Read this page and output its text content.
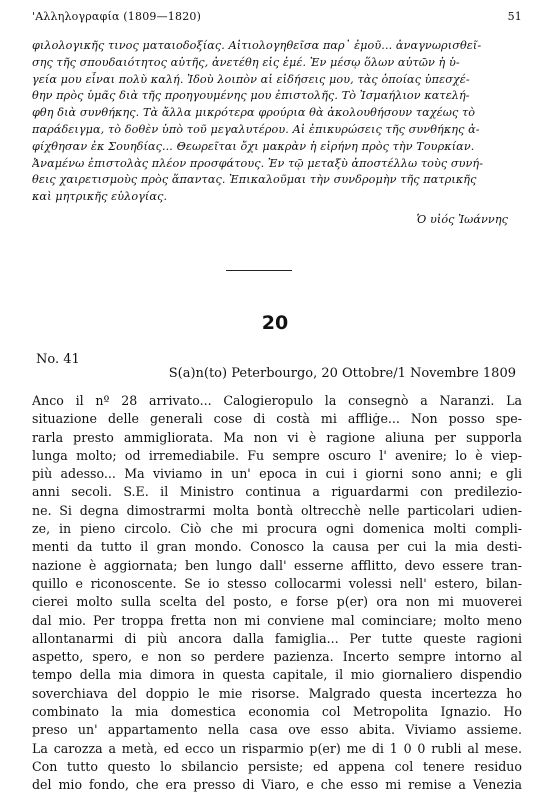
'Αλληλογραφία (1809—1820)	51
φιλολογικῆς τινος ματαιοδοξίας. Αἰτιολογηθεῖσα παρ᾽ ἐμοῦ... ἀναγνωρισθεῖ-
σης τῆς σπουδαιότητος αὐτῆς, ἀνετέθη εἰς ἐμέ. Ἐν μέσῳ ὅλων αὐτῶν ἡ ὑ-
γεία μου εἶναι πολὺ καλή. Ἰδοὺ λοιπὸν αἱ εἰδήσεις μου, τὰς ὁποίας ὑπεσχέ-
θην πρὸς ὑμᾶς διὰ τῆς προηγουμένης μου ἐπιστολῆς. Τὸ Ἰσμαήλιον κατελή-
φθη διὰ συνθήκης. Τὰ ἄλλα μικρότερα φρούρια θὰ ἀκολουθήσουν ταχέως τὸ
παράδειγμα, τὸ δοθὲν ὑπὸ τοῦ μεγαλυτέρου. Αἱ ἐπικυρώσεις τῆς συνθήκης ἀ-
φίχθησαν ἐκ Σουηδίας... Θεωρεῖται ὄχι μακρὰν ἡ εἰρήνη πρὸς τὴν Τουρκίαν.
Ἀναμένω ἐπιστολὰς πλέον προσφάτους. Ἐν τῷ μεταξὺ ἀποστέλλω τοὺς συνή-
θεις χαιρετισμοὺς πρὸς ἅπαντας. Ἐπικαλοῦμαι τὴν συνδρομὴν τῆς πατρικῆς
καὶ μητρικῆς εὐλογίας.
Ὁ υἱός Ἰωάννης
20
No. 41
S(a)n(to) Peterbourgo, 20 Ottobre/1 Novembre 1809
Anco il nº 28 arrivato... Calogieropulo la consegnò a Naranzi. La
situazione delle generali cose di costà mi affliġe... Non posso spe-
rarla presto ammigliorata. Ma non vi è ragione aliuna per supporla
lunga molto; od irremediabile. Fu sempre oscuro l' avenire; lo è viep-
più adesso... Ma viviamo in un' epoca in cui i giorni sono anni; e gli
anni secoli. S.E. il Ministro continua a riguardarmi con predilezio-
ne. Si degna dimostrarmi molta bontà oltrecchè nelle particolari udien-
ze, in pieno circolo. Ciò che mi procura ogni domenica molti compli-
menti da tutto il gran mondo. Conosco la causa per cui la mia desti-
nazione è aggiornata; ben lungo dall' esserne afflitto, devo essere tran-
quillo e riconoscente. Se io stesso collocarmi volessi nell' estero, bilan-
cierei molto sulla scelta del posto, e forse p(er) ora non mi muoverei
dal mio. Per troppa fretta non mi conviene mal cominciare; molto meno
allontanarmi di più ancora dalla famiglia... Per tutte queste ragioni
aspetto, spero, e non so perdere pazienza. Incerto sempre intorno al
tempo della mia dimora in questa capitale, il mio giornaliero dispendio
soverchiava del doppio le mie risorse. Malgrado questa incertezza ho
combinato la mia domestica economia col Metropolita Ignazio. Ho
preso un' appartamento nella casa ove esso abita. Viviamo assieme.
La carozza a metà, ed ecco un risparmio p(er) me di 1 0 0 rubli al mese.
Con tutto questo lo sbilancio persiste; ed appena col tenere residuo
del mio fondo, che era presso di Viaro, e che esso mi remise a Venezia
